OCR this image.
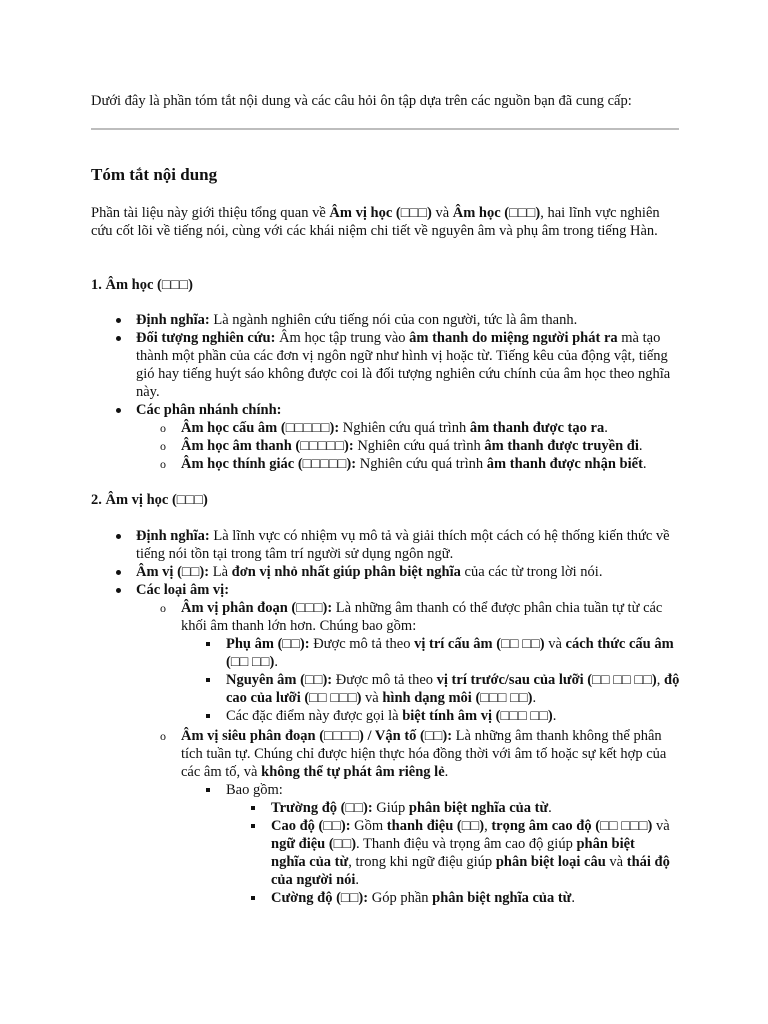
Dưới đây là phần tóm tắt nội dung và các câu hỏi ôn tập dựa trên các nguồn bạn đã cung cấp:
Tóm tắt nội dung
Phần tài liệu này giới thiệu tổng quan về Âm vị học (□□□) và Âm học (□□□), hai lĩnh vực nghiên cứu cốt lõi về tiếng nói, cùng với các khái niệm chi tiết về nguyên âm và phụ âm trong tiếng Hàn.
1. Âm học (□□□)
Định nghĩa: Là ngành nghiên cứu tiếng nói của con người, tức là âm thanh.
Đối tượng nghiên cứu: Âm học tập trung vào âm thanh do miệng người phát ra mà tạo thành một phần của các đơn vị ngôn ngữ như hình vị hoặc từ. Tiếng kêu của động vật, tiếng gió hay tiếng huýt sáo không được coi là đối tượng nghiên cứu chính của âm học theo nghĩa này.
Các phân nhánh chính:
o Âm học cấu âm (□□□□□): Nghiên cứu quá trình âm thanh được tạo ra.
o Âm học âm thanh (□□□□□): Nghiên cứu quá trình âm thanh được truyền đi.
o Âm học thính giác (□□□□□): Nghiên cứu quá trình âm thanh được nhận biết.
2. Âm vị học (□□□)
Định nghĩa: Là lĩnh vực có nhiệm vụ mô tả và giải thích một cách có hệ thống kiến thức về tiếng nói tồn tại trong tâm trí người sử dụng ngôn ngữ.
Âm vị (□□): Là đơn vị nhỏ nhất giúp phân biệt nghĩa của các từ trong lời nói.
Các loại âm vị:
o Âm vị phân đoạn (□□□): Là những âm thanh có thể được phân chia tuần tự từ các khối âm thanh lớn hơn. Chúng bao gồm:
Phụ âm (□□): Được mô tả theo vị trí cấu âm (□□ □□) và cách thức cấu âm (□□ □□).
Nguyên âm (□□): Được mô tả theo vị trí trước/sau của lưỡi (□□ □□ □□), độ cao của lưỡi (□□ □□□) và hình dạng môi (□□□ □□).
Các đặc điểm này được gọi là biệt tính âm vị (□□□ □□).
o Âm vị siêu phân đoạn (□□□□) / Vận tố (□□): Là những âm thanh không thể phân tích tuần tự. Chúng chỉ được hiện thực hóa đồng thời với âm tố hoặc sự kết hợp của các âm tố, và không thể tự phát âm riêng lẻ.
Bao gồm:
Trường độ (□□): Giúp phân biệt nghĩa của từ.
Cao độ (□□): Gồm thanh điệu (□□), trọng âm cao độ (□□ □□□) và ngữ điệu (□□). Thanh điệu và trọng âm cao độ giúp phân biệt nghĩa của từ, trong khi ngữ điệu giúp phân biệt loại câu và thái độ của người nói.
Cường độ (□□): Góp phần phân biệt nghĩa của từ.
